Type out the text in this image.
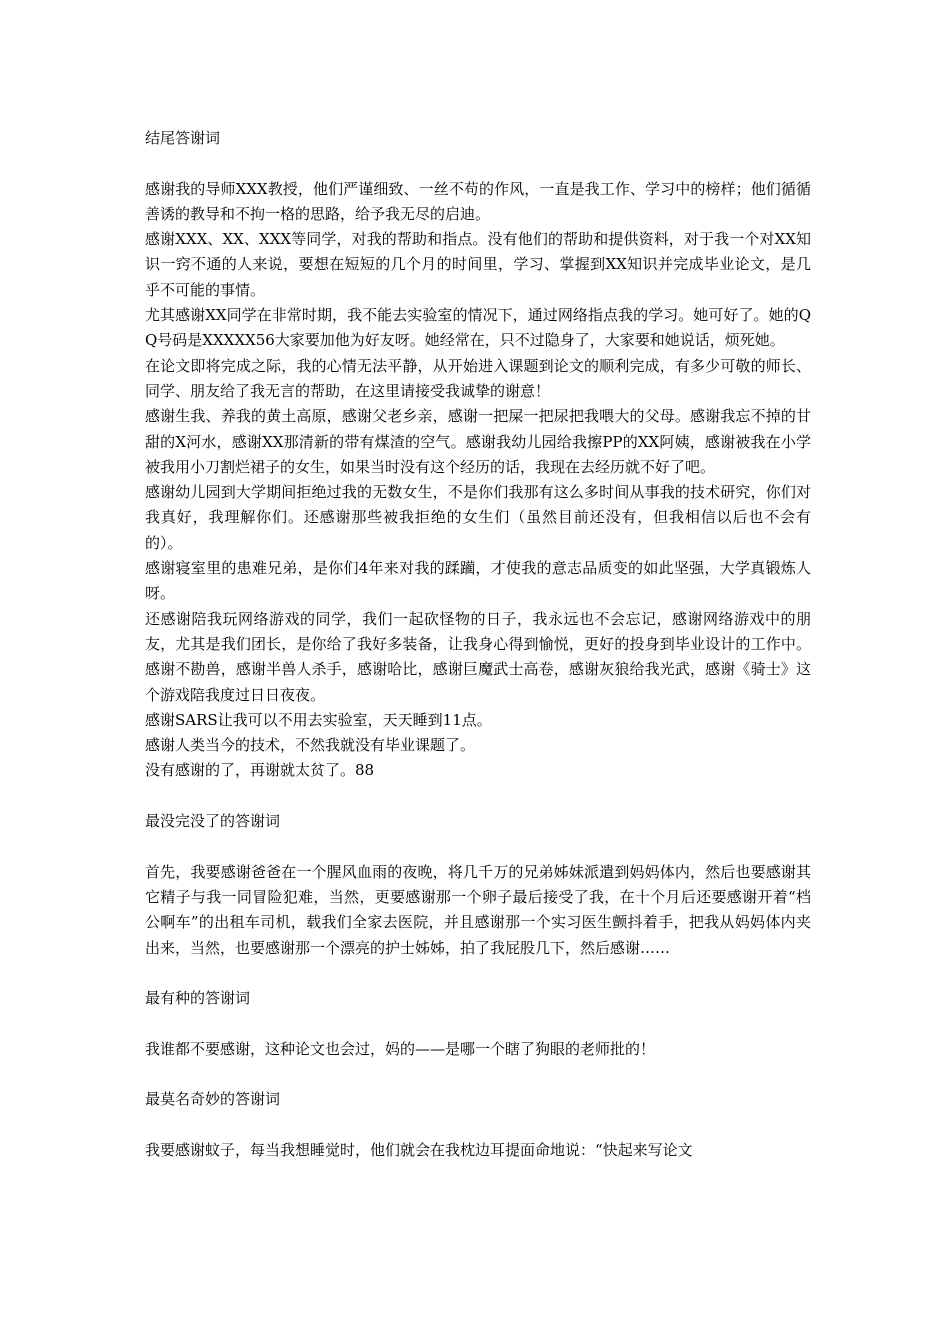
结尾答谢词

感谢我的导师XXX教授，他们严谨细致、一丝不苟的作风，一直是我工作、学习中的榜样；他们循循善诱的教导和不拘一格的思路，给予我无尽的启迪。

感谢XXX、XX、XXX等同学，对我的帮助和指点。没有他们的帮助和提供资料，对于我一个对XX知识一窍不通的人来说，要想在短短的几个月的时间里，学习、掌握到XX知识并完成毕业论文，是几乎不可能的事情。

尤其感谢XX同学在非常时期，我不能去实验室的情况下，通过网络指点我的学习。她可好了。她的QQ号码是XXXXX56大家要加他为好友呀。她经常在，只不过隐身了，大家要和她说话，烦死她。

在论文即将完成之际，我的心情无法平静，从开始进入课题到论文的顺利完成，有多少可敬的师长、同学、朋友给了我无言的帮助，在这里请接受我诚挚的谢意！

感谢生我、养我的黄土高原，感谢父老乡亲，感谢一把屎一把尿把我喂大的父母。感谢我忘不掉的甘甜的X河水，感谢XX那清新的带有煤渣的空气。感谢我幼儿园给我擦PP的XX阿姨，感谢被我在小学被我用小刀割烂裙子的女生，如果当时没有这个经历的话，我现在去经历就不好了吧。

感谢幼儿园到大学期间拒绝过我的无数女生，不是你们我那有这么多时间从事我的技术研究，你们对我真好，我理解你们。还感谢那些被我拒绝的女生们（虽然目前还没有，但我相信以后也不会有的）。

感谢寝室里的患难兄弟，是你们4年来对我的蹂躏，才使我的意志品质变的如此坚强，大学真锻炼人呀。

还感谢陪我玩网络游戏的同学，我们一起砍怪物的日子，我永远也不会忘记，感谢网络游戏中的朋友，尤其是我们团长，是你给了我好多装备，让我身心得到愉悦，更好的投身到毕业设计的工作中。感谢不勘兽，感谢半兽人杀手，感谢哈比，感谢巨魔武士高卷，感谢灰狼给我光武，感谢《骑士》这个游戏陪我度过日日夜夜。

感谢SARS让我可以不用去实验室，天天睡到11点。

感谢人类当今的技术，不然我就没有毕业课题了。

没有感谢的了，再谢就太贫了。88

最没完没了的答谢词

首先，我要感谢爸爸在一个腥风血雨的夜晚，将几千万的兄弟姊妹派遣到妈妈体内，然后也要感谢其它精子与我一同冒险犯难，当然，更要感谢那一个卵子最后接受了我，在十个月后还要感谢开着“档公啊车”的出租车司机，载我们全家去医院，并且感谢那一个实习医生颤抖着手，把我从妈妈体内夹出来，当然，也要感谢那一个漂亮的护士姊姊，拍了我屁股几下，然后感谢……

最有种的答谢词

我谁都不要感谢，这种论文也会过，妈的——是哪一个瞎了狗眼的老师批的！

最莫名奇妙的答谢词

我要感谢蚊子，每当我想睡觉时，他们就会在我枕边耳提面命地说：“快起来写论文
